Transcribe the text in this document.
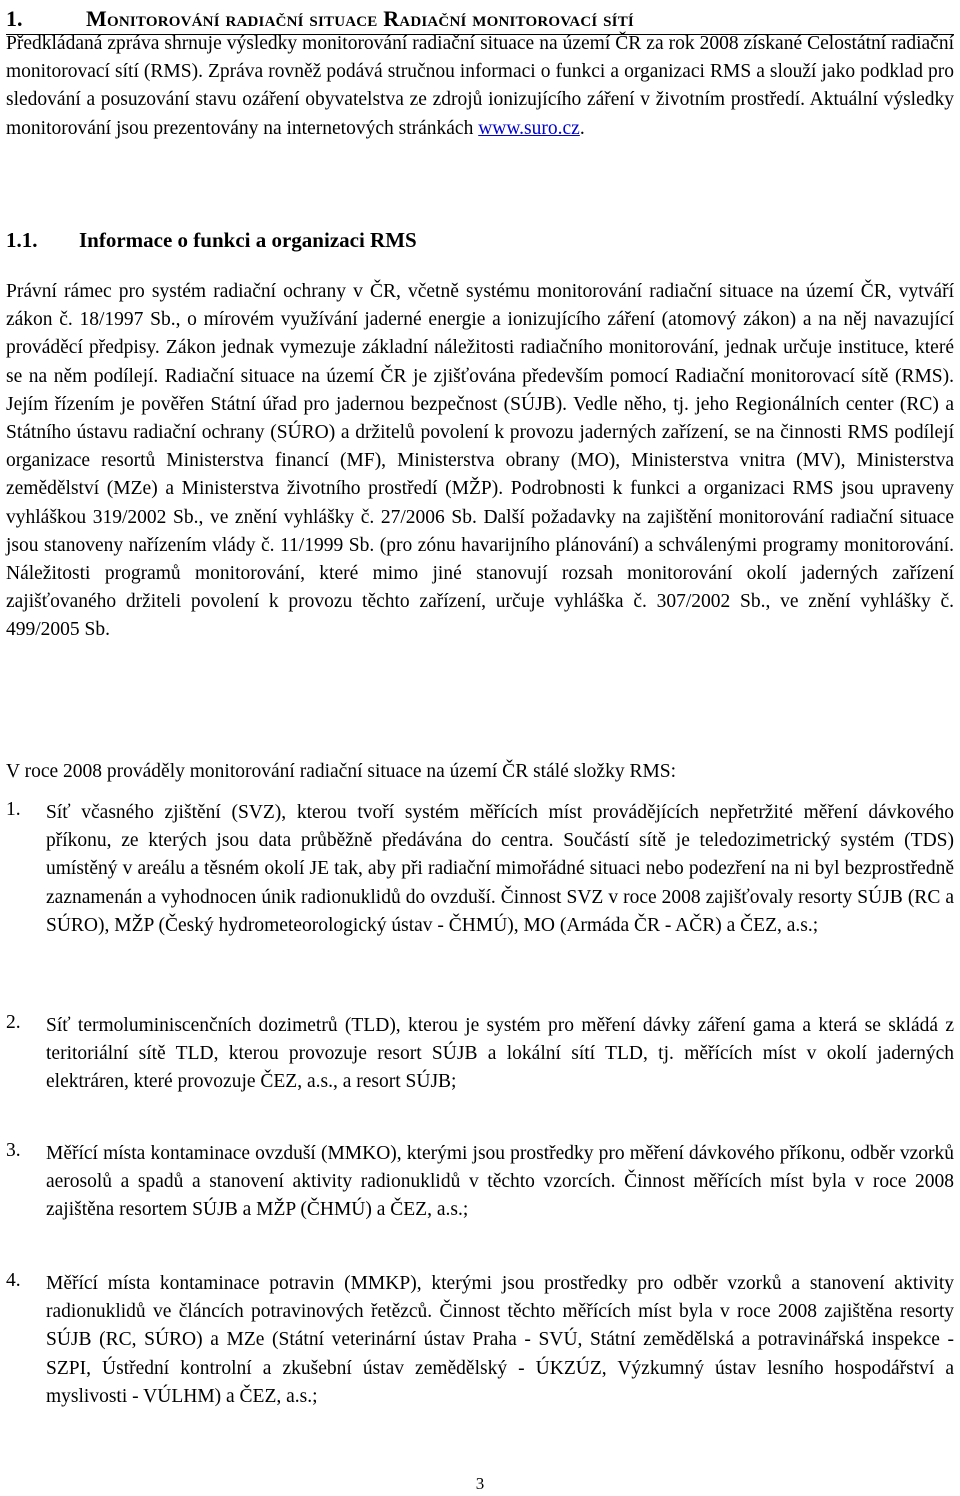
1.	Monitorování radiační situace Radiační monitorovací sítí

Předkládaná zpráva shrnuje výsledky monitorování radiační situace na území ČR za rok 2008 získané Celostátní radiační monitorovací sítí (RMS). Zpráva rovněž podává stručnou informaci o funkci a organizaci RMS a slouží jako podklad pro sledování a posuzování stavu ozáření obyvatelstva ze zdrojů ionizujícího záření v životním prostředí. Aktuální výsledky monitorování jsou prezentovány na internetových stránkách www.suro.cz.

1.1. Informace o funkci a organizaci RMS

Právní rámec pro systém radiační ochrany v ČR, včetně systému monitorování radiační situace na území ČR, vytváří zákon č. 18/1997 Sb., o mírovém využívání jaderné energie a ionizujícího záření (atomový zákon) a na něj navazující prováděcí předpisy. Zákon jednak vymezuje základní náležitosti radiačního monitorování, jednak určuje instituce, které se na něm podílejí. Radiační situace na území ČR je zjišťována především pomocí Radiační monitorovací sítě (RMS). Jejím řízením je pověřen Státní úřad pro jadernou bezpečnost (SÚJB). Vedle něho, tj. jeho Regionálních center (RC) a Státního ústavu radiační ochrany (SÚRO) a držitelů povolení k provozu jaderných zařízení, se na činnosti RMS podílejí organizace resortů Ministerstva financí (MF), Ministerstva obrany (MO), Ministerstva vnitra (MV), Ministerstva zemědělství (MZe) a Ministerstva životního prostředí (MŽP). Podrobnosti k funkci a organizaci RMS jsou upraveny vyhláškou 319/2002 Sb., ve znění vyhlášky č. 27/2006 Sb. Další požadavky na zajištění monitorování radiační situace jsou stanoveny nařízením vlády č. 11/1999 Sb. (pro zónu havarijního plánování) a schválenými programy monitorování. Náležitosti programů monitorování, které mimo jiné stanovují rozsah monitorování okolí jaderných zařízení zajišťovaného držiteli povolení k provozu těchto zařízení, určuje vyhláška č. 307/2002 Sb., ve znění vyhlášky č. 499/2005 Sb.

V roce 2008 prováděly monitorování radiační situace na území ČR stálé složky RMS:

1. Síť včasného zjištění (SVZ), kterou tvoří systém měřících míst provádějících nepřetržité měření dávkového příkonu, ze kterých jsou data průběžně předávána do centra. Součástí sítě je teledozimetrický systém (TDS) umístěný v areálu a těsném okolí JE tak, aby při radiační mimořádné situaci nebo podezření na ni byl bezprostředně zaznamenán a vyhodnocen únik radionuklidů do ovzduší. Činnost SVZ v roce 2008 zajišťovaly resorty SÚJB (RC a SÚRO), MŽP (Český hydrometeorologický ústav - ČHMÚ), MO (Armáda ČR - AČR) a ČEZ, a.s.;
2. Síť termoluminiscenčních dozimetrů (TLD), kterou je systém pro měření dávky záření gama a která se skládá z teritoriální sítě TLD, kterou provozuje resort SÚJB a lokální sítí TLD, tj. měřících míst v okolí jaderných elektráren, které provozuje ČEZ, a.s., a resort SÚJB;
3. Měřící místa kontaminace ovzduší (MMKO), kterými jsou prostředky pro měření dávkového příkonu, odběr vzorků aerosolů a spadů a stanovení aktivity radionuklidů v těchto vzorcích. Činnost měřících míst byla v roce 2008 zajištěna resortem SÚJB a MŽP (ČHMÚ) a ČEZ, a.s.;
4. Měřící místa kontaminace potravin (MMKP), kterými jsou prostředky pro odběr vzorků a stanovení aktivity radionuklidů ve článcích potravinových řetězců. Činnost těchto měřících míst byla v roce 2008 zajištěna resorty SÚJB (RC, SÚRO) a MZe (Státní veterinární ústav Praha - SVÚ, Státní zemědělská a potravinářská inspekce - SZPI, Ústřední kontrolní a zkušební ústav zemědělský - ÚKZÚZ, Výzkumný ústav lesního hospodářství a myslivosti - VÚLHM) a ČEZ, a.s.;
3
